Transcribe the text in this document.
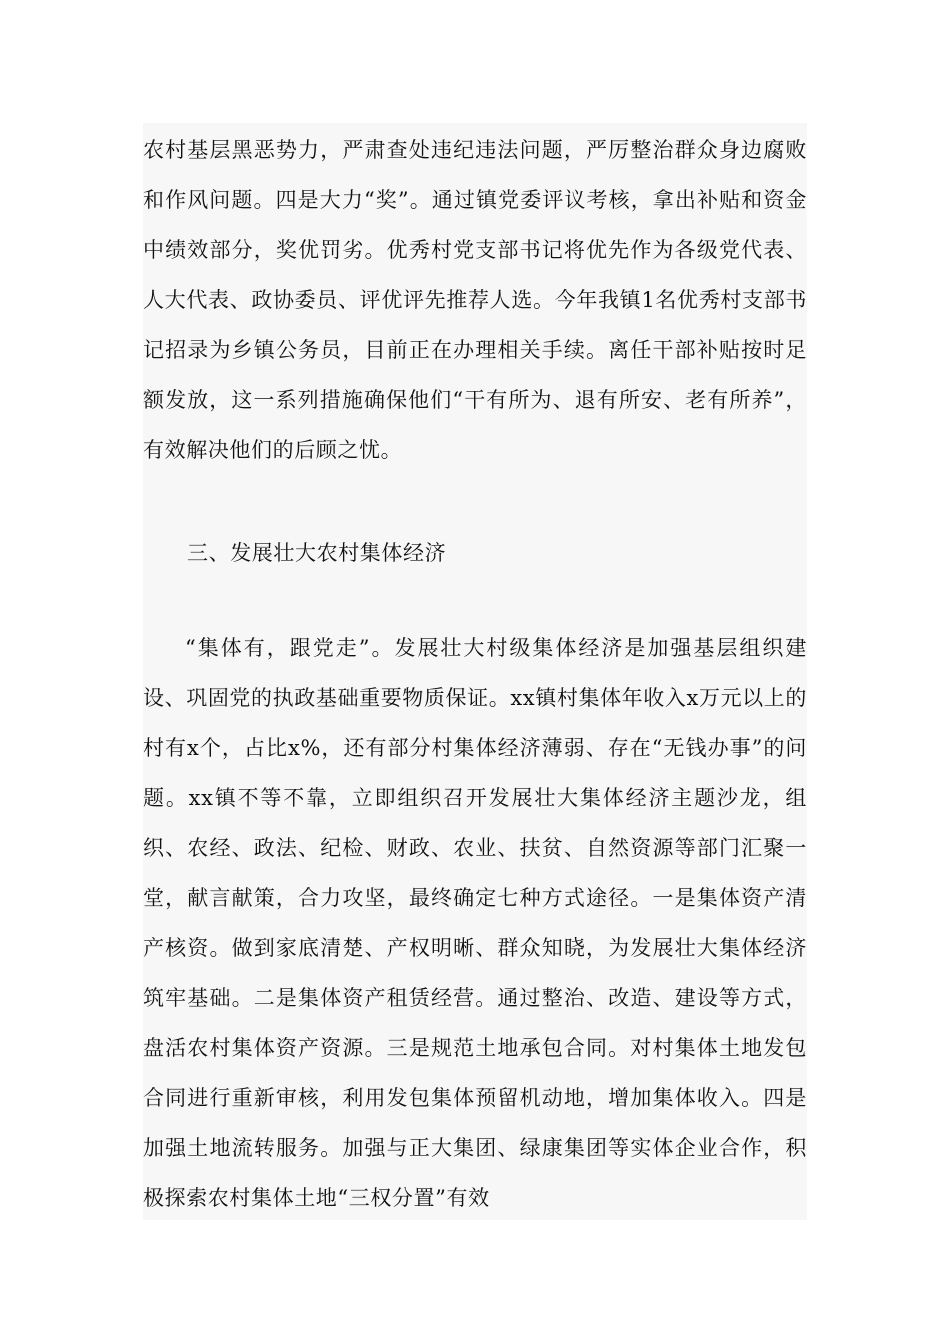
农村基层黑恶势力，严肃查处违纪违法问题，严厉整治群众身边腐败和作风问题。四是大力“奖”。通过镇党委评议考核，拿出补贴和资金中绩效部分，奖优罚劣。优秀村党支部书记将优先作为各级党代表、人大代表、政协委员、评优评先推荐人选。今年我镇1名优秀村支部书记招录为乡镇公务员，目前正在办理相关手续。离任干部补贴按时足额发放，这一系列措施确保他们“干有所为、退有所安、老有所养”，有效解决他们的后顾之忧。

三、发展壮大农村集体经济

“集体有，跟党走”。发展壮大村级集体经济是加强基层组织建设、巩固党的执政基础重要物质保证。xx镇村集体年收入x万元以上的村有x个，占比x%，还有部分村集体经济薄弱、存在“无钱办事”的问题。xx镇不等不靠，立即组织召开发展壮大集体经济主题沙龙，组织、农经、政法、纪检、财政、农业、扶贫、自然资源等部门汇聚一堂，献言献策，合力攻坚，最终确定七种方式途径。一是集体资产清产核资。做到家底清楚、产权明晰、群众知晓，为发展壮大集体经济筑牢基础。二是集体资产租赁经营。通过整治、改造、建设等方式，盘活农村集体资产资源。三是规范土地承包合同。对村集体土地发包合同进行重新审核，利用发包集体预留机动地，增加集体收入。四是加强土地流转服务。加强与正大集团、绿康集团等实体企业合作，积极探索农村集体土地“三权分置”有效
